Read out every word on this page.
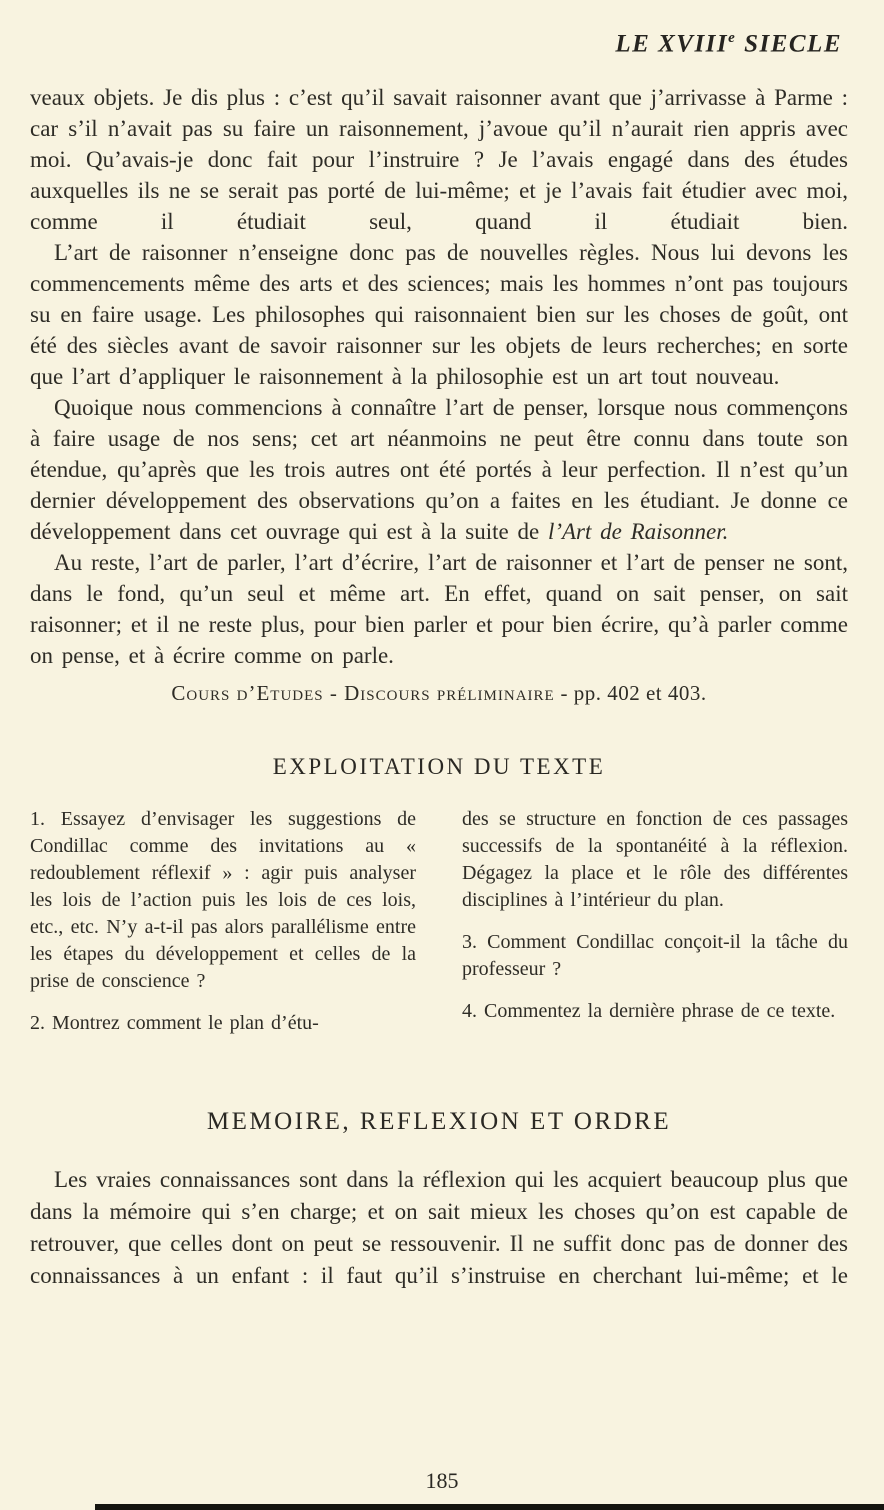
LE XVIIIe SIECLE

veaux objets. Je dis plus : c’est qu’il savait raisonner avant que j’arrivasse à Parme : car s’il n’avait pas su faire un raisonnement, j’avoue qu’il n’aurait rien appris avec moi. Qu’avais-je donc fait pour l’instruire ? Je l’avais engagé dans des études auxquelles ils ne se serait pas porté de lui-même; et je l’avais fait étudier avec moi, comme il étudiait seul, quand il étudiait bien.

L’art de raisonner n’enseigne donc pas de nouvelles règles. Nous lui devons les commencements même des arts et des sciences; mais les hommes n’ont pas toujours su en faire usage. Les philosophes qui raisonnaient bien sur les choses de goût, ont été des siècles avant de savoir raisonner sur les objets de leurs recherches; en sorte que l’art d’appliquer le raisonnement à la philosophie est un art tout nouveau.

Quoique nous commencions à connaître l’art de penser, lorsque nous commençons à faire usage de nos sens; cet art néanmoins ne peut être connu dans toute son étendue, qu’après que les trois autres ont été portés à leur perfection. Il n’est qu’un dernier développement des observations qu’on a faites en les étudiant. Je donne ce développement dans cet ouvrage qui est à la suite de l’Art de Raisonner.

Au reste, l’art de parler, l’art d’écrire, l’art de raisonner et l’art de penser ne sont, dans le fond, qu’un seul et même art. En effet, quand on sait penser, on sait raisonner; et il ne reste plus, pour bien parler et pour bien écrire, qu’à parler comme on pense, et à écrire comme on parle.

Cours d’Etudes - Discours préliminaire - pp. 402 et 403.
EXPLOITATION DU TEXTE

1. Essayez d’envisager les suggestions de Condillac comme des invitations au « redoublement réflexif » : agir puis analyser les lois de l’action puis les lois de ces lois, etc., etc. N’y a-t-il pas alors parallélisme entre les étapes du développement et celles de la prise de conscience ?

2. Montrez comment le plan d’étu-

des se structure en fonction de ces passages successifs de la spontanéité à la réflexion. Dégagez la place et le rôle des différentes disciplines à l’intérieur du plan.

3. Comment Condillac conçoit-il la tâche du professeur ?

4. Commentez la dernière phrase de ce texte.

MEMOIRE, REFLEXION ET ORDRE

Les vraies connaissances sont dans la réflexion qui les acquiert beaucoup plus que dans la mémoire qui s’en charge; et on sait mieux les choses qu’on est capable de retrouver, que celles dont on peut se ressouvenir. Il ne suffit donc pas de donner des connaissances à un enfant : il faut qu’il s’instruise en cherchant lui-même; et le

185
